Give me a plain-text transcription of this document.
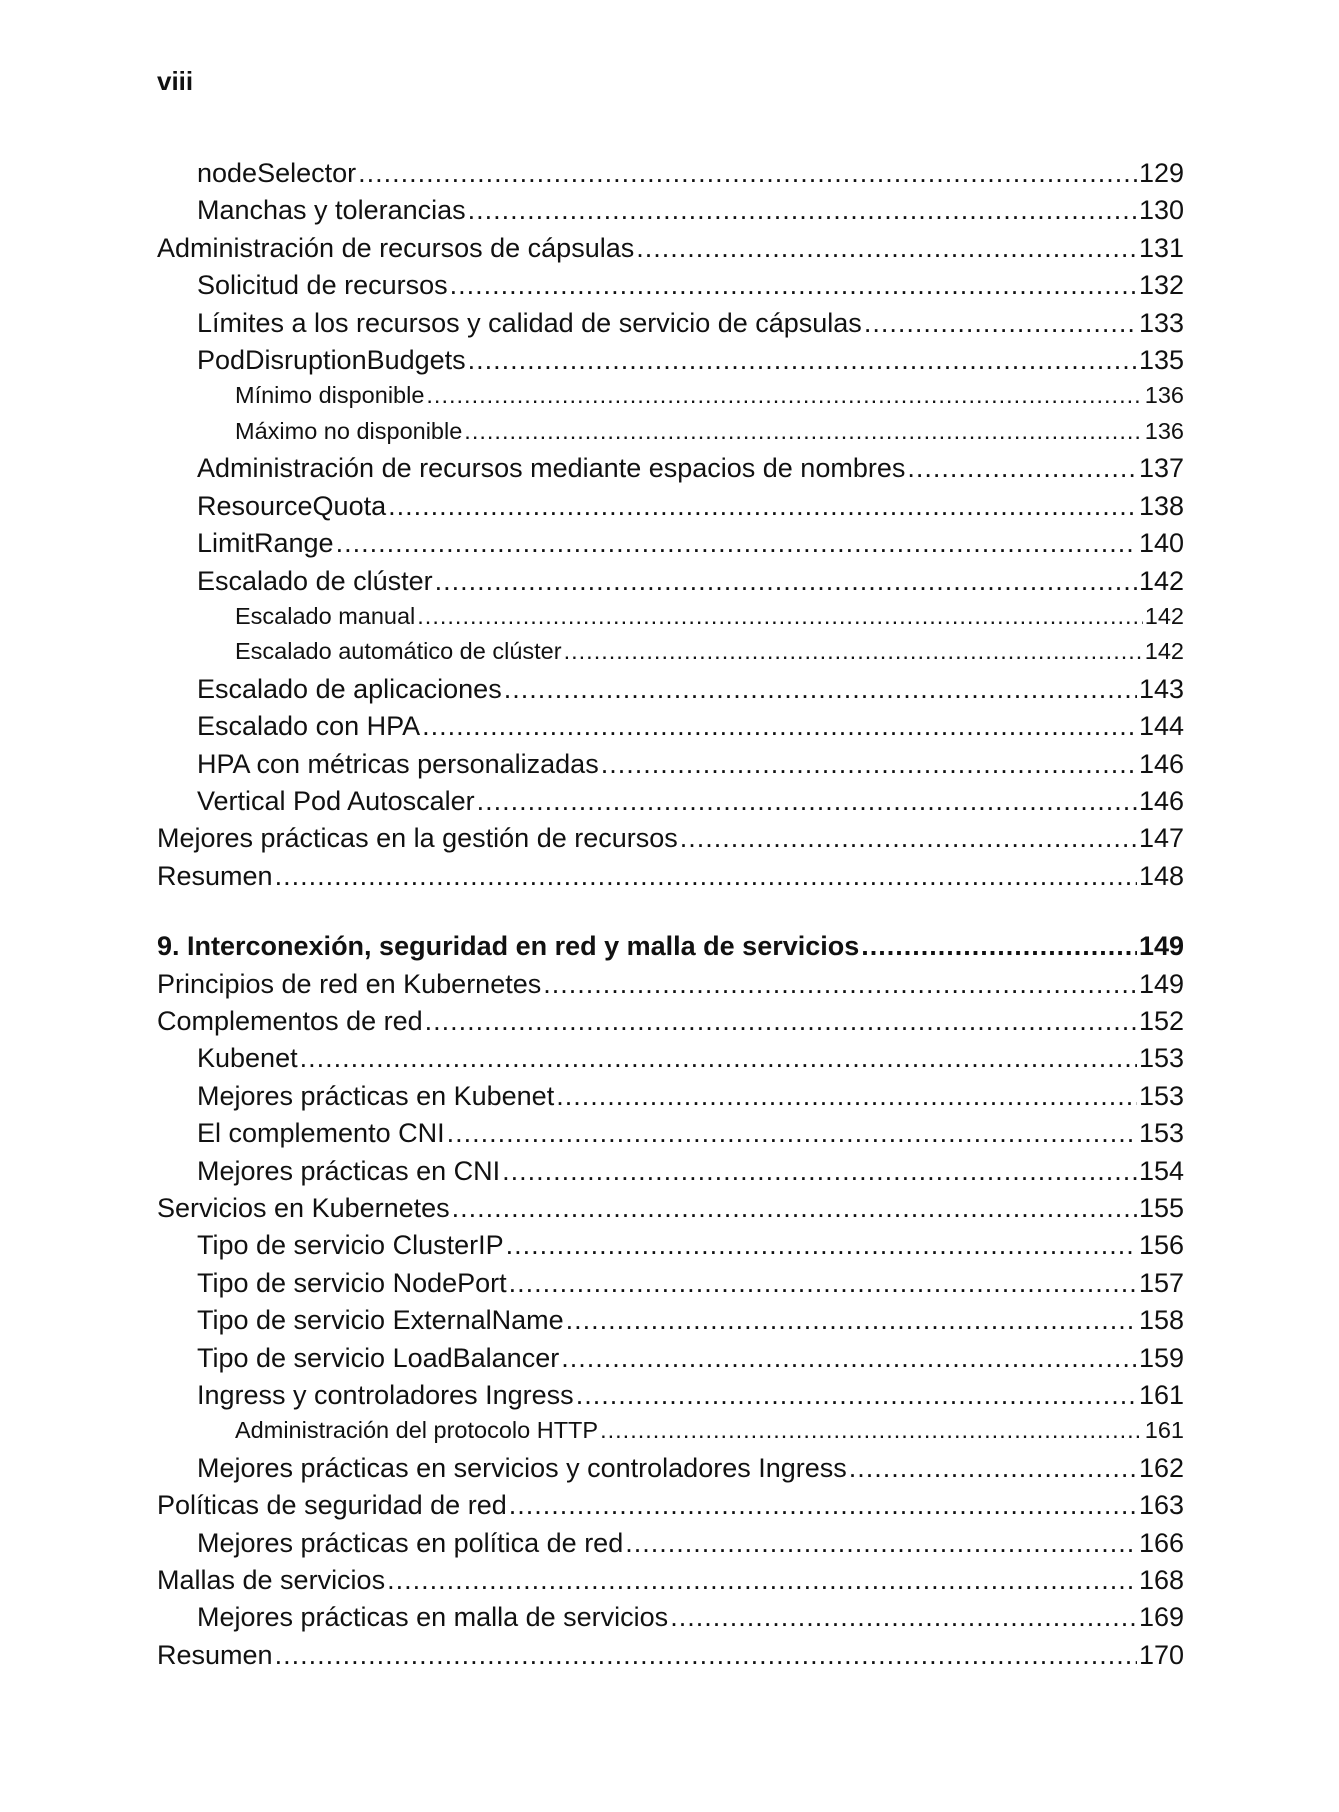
viii
nodeSelector .....	129
Manchas y tolerancias .....	130
Administración de recursos de cápsulas .....	131
Solicitud de recursos .....	132
Límites a los recursos y calidad de servicio de cápsulas .....	133
PodDisruptionBudgets .....	135
Mínimo disponible .....	136
Máximo no disponible .....	136
Administración de recursos mediante espacios de nombres .....	137
ResourceQuota .....	138
LimitRange .....	140
Escalado de clúster .....	142
Escalado manual .....	142
Escalado automático de clúster .....	142
Escalado de aplicaciones .....	143
Escalado con HPA .....	144
HPA con métricas personalizadas .....	146
Vertical Pod Autoscaler .....	146
Mejores prácticas en la gestión de recursos .....	147
Resumen .....	148
9. Interconexión, seguridad en red y malla de servicios .....	149
Principios de red en Kubernetes .....	149
Complementos de red .....	152
Kubenet .....	153
Mejores prácticas en Kubenet .....	153
El complemento CNI .....	153
Mejores prácticas en CNI .....	154
Servicios en Kubernetes .....	155
Tipo de servicio ClusterIP .....	156
Tipo de servicio NodePort .....	157
Tipo de servicio ExternalName .....	158
Tipo de servicio LoadBalancer .....	159
Ingress y controladores Ingress .....	161
Administración del protocolo HTTP .....	161
Mejores prácticas en servicios y controladores Ingress .....	162
Políticas de seguridad de red .....	163
Mejores prácticas en política de red .....	166
Mallas de servicios .....	168
Mejores prácticas en malla de servicios .....	169
Resumen .....	170
